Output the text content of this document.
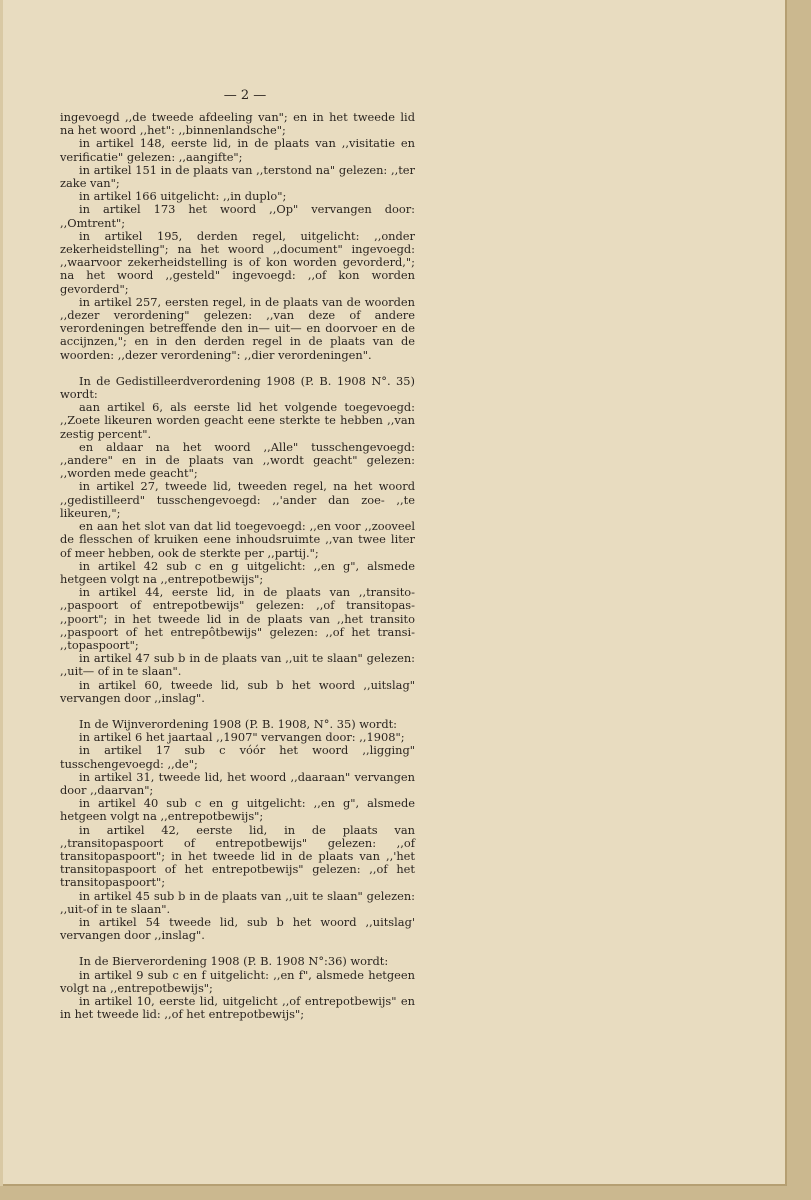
— 2 —

ingevoegd ,,de tweede afdeeling van"; en in het tweede lid na het woord ,,het": ,,binnenlandsche";

in artikel 148, eerste lid, in de plaats van ,,visitatie en verificatie" gelezen: ,,aangifte";

in artikel 151 in de plaats van ,,terstond na" gelezen: ,,ter zake van";

in artikel 166 uitgelicht: ,,in duplo";

in artikel 173 het woord ,,Op" vervangen door: ,,Omtrent";

in artikel 195, derden regel, uitgelicht: ,,onder zekerheidstelling"; na het woord ,,document" ingevoegd: ,,waarvoor zekerheidstelling is of kon worden gevorderd,"; na het woord ,,gesteld" ingevoegd: ,,of kon worden gevorderd";

in artikel 257, eersten regel, in de plaats van de woorden ,,dezer verordening" gelezen: ,,van deze of andere verordeningen betreffende den in— uit— en doorvoer en de accijnzen,"; en in den derden regel in de plaats van de woorden: ,,dezer verordening": ,,dier verordeningen".

In de Gedistilleerdverordening 1908 (P. B. 1908 N°. 35) wordt:

aan artikel 6, als eerste lid het volgende toegevoegd: ,,Zoete likeuren worden geacht eene sterkte te hebben ,,van zestig percent".

en aldaar na het woord ,,Alle" tusschengevoegd: ,,andere" en in de plaats van ,,wordt geacht" gelezen: ,,worden mede geacht";

in artikel 27, tweede lid, tweeden regel, na het woord ,,gedistilleerd" tusschengevoegd: ,,'ander dan zoe- ,,te likeuren,";

en aan het slot van dat lid toegevoegd: ,,en voor ,,zooveel de flesschen of kruiken eene inhoudsruimte ,,van twee liter of meer hebben, ook de sterkte per ,,partij.";

in artikel 42 sub c en g uitgelicht: ,,en g", alsmede hetgeen volgt na ,,entrepotbewijs";

in artikel 44, eerste lid, in de plaats van ,,transito- ,,paspoort of entrepotbewijs" gelezen: ,,of transitopas- ,,poort"; in het tweede lid in de plaats van ,,het transito ,,paspoort of het entrepôtbewijs" gelezen: ,,of het transi- ,,topaspoort";

in artikel 47 sub b in de plaats van ,,uit te slaan" gelezen: ,,uit— of in te slaan".

in artikel 60, tweede lid, sub b het woord ,,uitslag" vervangen door ,,inslag".

In de Wijnverordening 1908 (P. B. 1908, N°. 35) wordt:

in artikel 6 het jaartaal ,,1907" vervangen door: ,,1908";

in artikel 17 sub c vóór het woord ,,ligging" tusschengevoegd: ,,de";

in artikel 31, tweede lid, het woord ,,daaraan" vervangen door ,,daarvan";

in artikel 40 sub c en g uitgelicht: ,,en g", alsmede hetgeen volgt na ,,entrepotbewijs";

in artikel 42, eerste lid, in de plaats van ,,transitopaspoort of entrepotbewijs" gelezen: ,,of transitopaspoort"; in het tweede lid in de plaats van ,,'het transitopaspoort of het entrepotbewijs" gelezen: ,,of het transitopaspoort";

in artikel 45 sub b in de plaats van ,,uit te slaan" gelezen: ,,uit-of in te slaan".

in artikel 54 tweede lid, sub b het woord ,,uitslag' vervangen door ,,inslag".

In de Bierverordening 1908 (P. B. 1908 N°:36) wordt:

in artikel 9 sub c en f uitgelicht: ,,en f", alsmede hetgeen volgt na ,,entrepotbewijs";

in artikel 10, eerste lid, uitgelicht ,,of entrepotbewijs" en in het tweede lid: ,,of het entrepotbewijs";
